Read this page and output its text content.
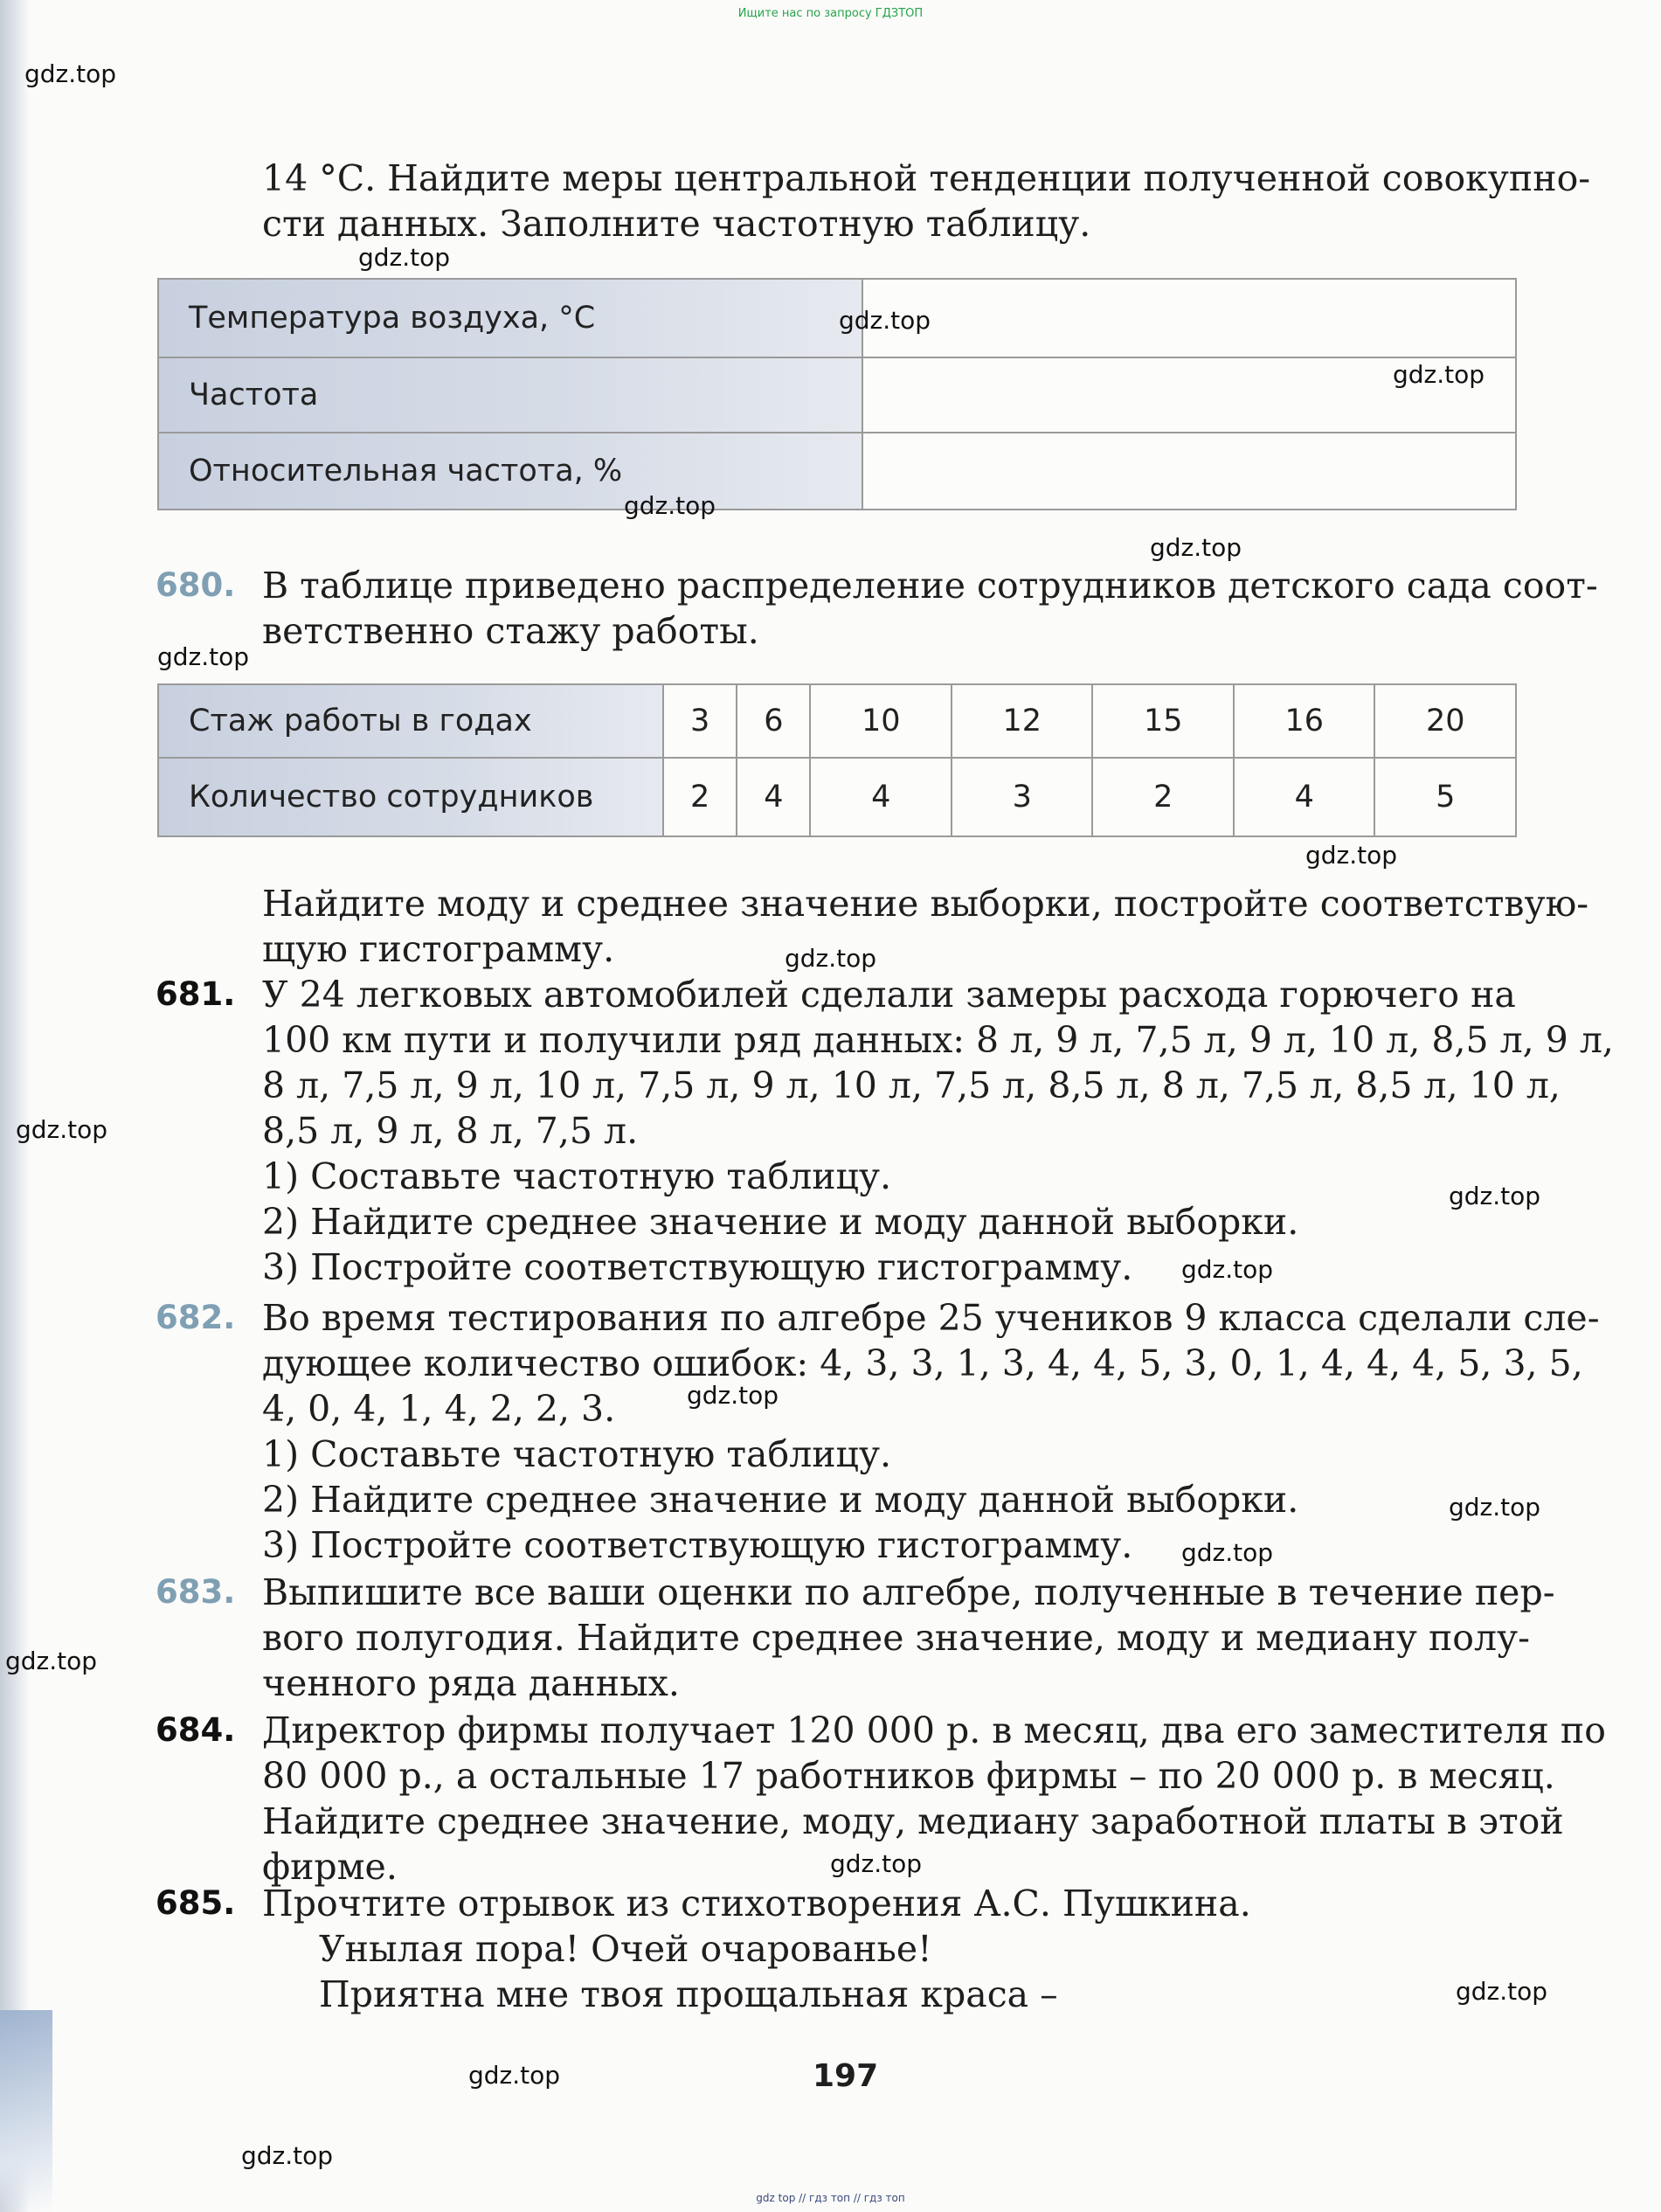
Ищите нас по запросу ГДЗТОП
14 °С. Найдите меры центральной тенденции полученной совокупно-
сти данных. Заполните частотную таблицу.
Температура воздуха, °С	
Частота	
Относительная частота, %	
680. В таблице приведено распределение сотрудников детского сада соот-
ветственно стажу работы.
Стаж работы в годах	3	6	10	12	15	16	20
Количество сотрудников	2	4	4	3	2	4	5
Найдите моду и среднее значение выборки, постройте соответствую-
щую гистограмму.
681. У 24 легковых автомобилей сделали замеры расхода горючего на
100 км пути и получили ряд данных: 8 л, 9 л, 7,5 л, 9 л, 10 л, 8,5 л, 9 л,
8 л, 7,5 л, 9 л, 10 л, 7,5 л, 9 л, 10 л, 7,5 л, 8,5 л, 8 л, 7,5 л, 8,5 л, 10 л,
8,5 л, 9 л, 8 л, 7,5 л.
1) Составьте частотную таблицу.
2) Найдите среднее значение и моду данной выборки.
3) Постройте соответствующую гистограмму.
682. Во время тестирования по алгебре 25 учеников 9 класса сделали сле-
дующее количество ошибок: 4, 3, 3, 1, 3, 4, 4, 5, 3, 0, 1, 4, 4, 4, 5, 3, 5,
4, 0, 4, 1, 4, 2, 2, 3.
1) Составьте частотную таблицу.
2) Найдите среднее значение и моду данной выборки.
3) Постройте соответствующую гистограмму.
683. Выпишите все ваши оценки по алгебре, полученные в течение пер-
вого полугодия. Найдите среднее значение, моду и медиану полу-
ченного ряда данных.
684. Директор фирмы получает 120 000 р. в месяц, два его заместителя по
80 000 р., а остальные 17 работников фирмы – по 20 000 р. в месяц.
Найдите среднее значение, моду, медиану заработной платы в этой
фирме.
685. Прочтите отрывок из стихотворения А.С. Пушкина.
Унылая пора! Очей очарованье!
Приятна мне твоя прощальная краса –
197
gdz.top
gdz.top
gdz.top
gdz.top
gdz.top
gdz.top
gdz.top
gdz.top
gdz.top
gdz.top
gdz.top
gdz.top
gdz.top
gdz.top
gdz.top
gdz.top
gdz.top
gdz.top
gdz.top
gdz.top
gdz top // гдз топ // гдз топ
